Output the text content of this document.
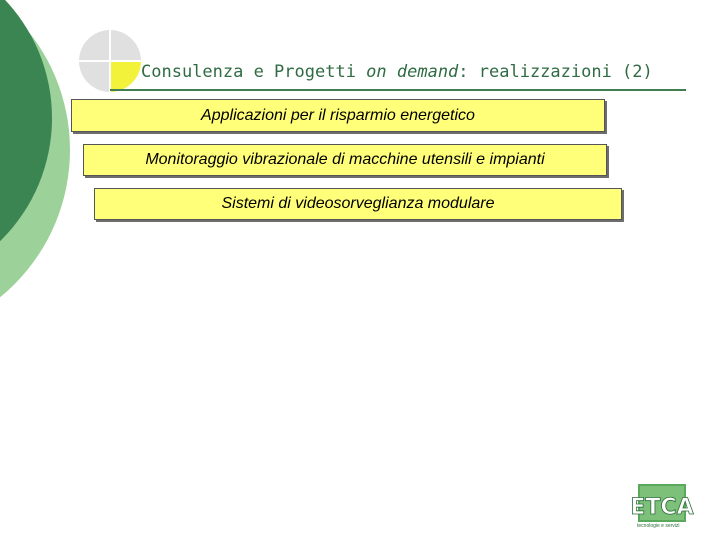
Consulenza e Progetti on demand: realizzazioni (2)
Applicazioni per il risparmio energetico
Monitoraggio vibrazionale di macchine utensili e impianti
Sistemi di videosorveglianza modulare
ETCA
tecnologie e servizi
